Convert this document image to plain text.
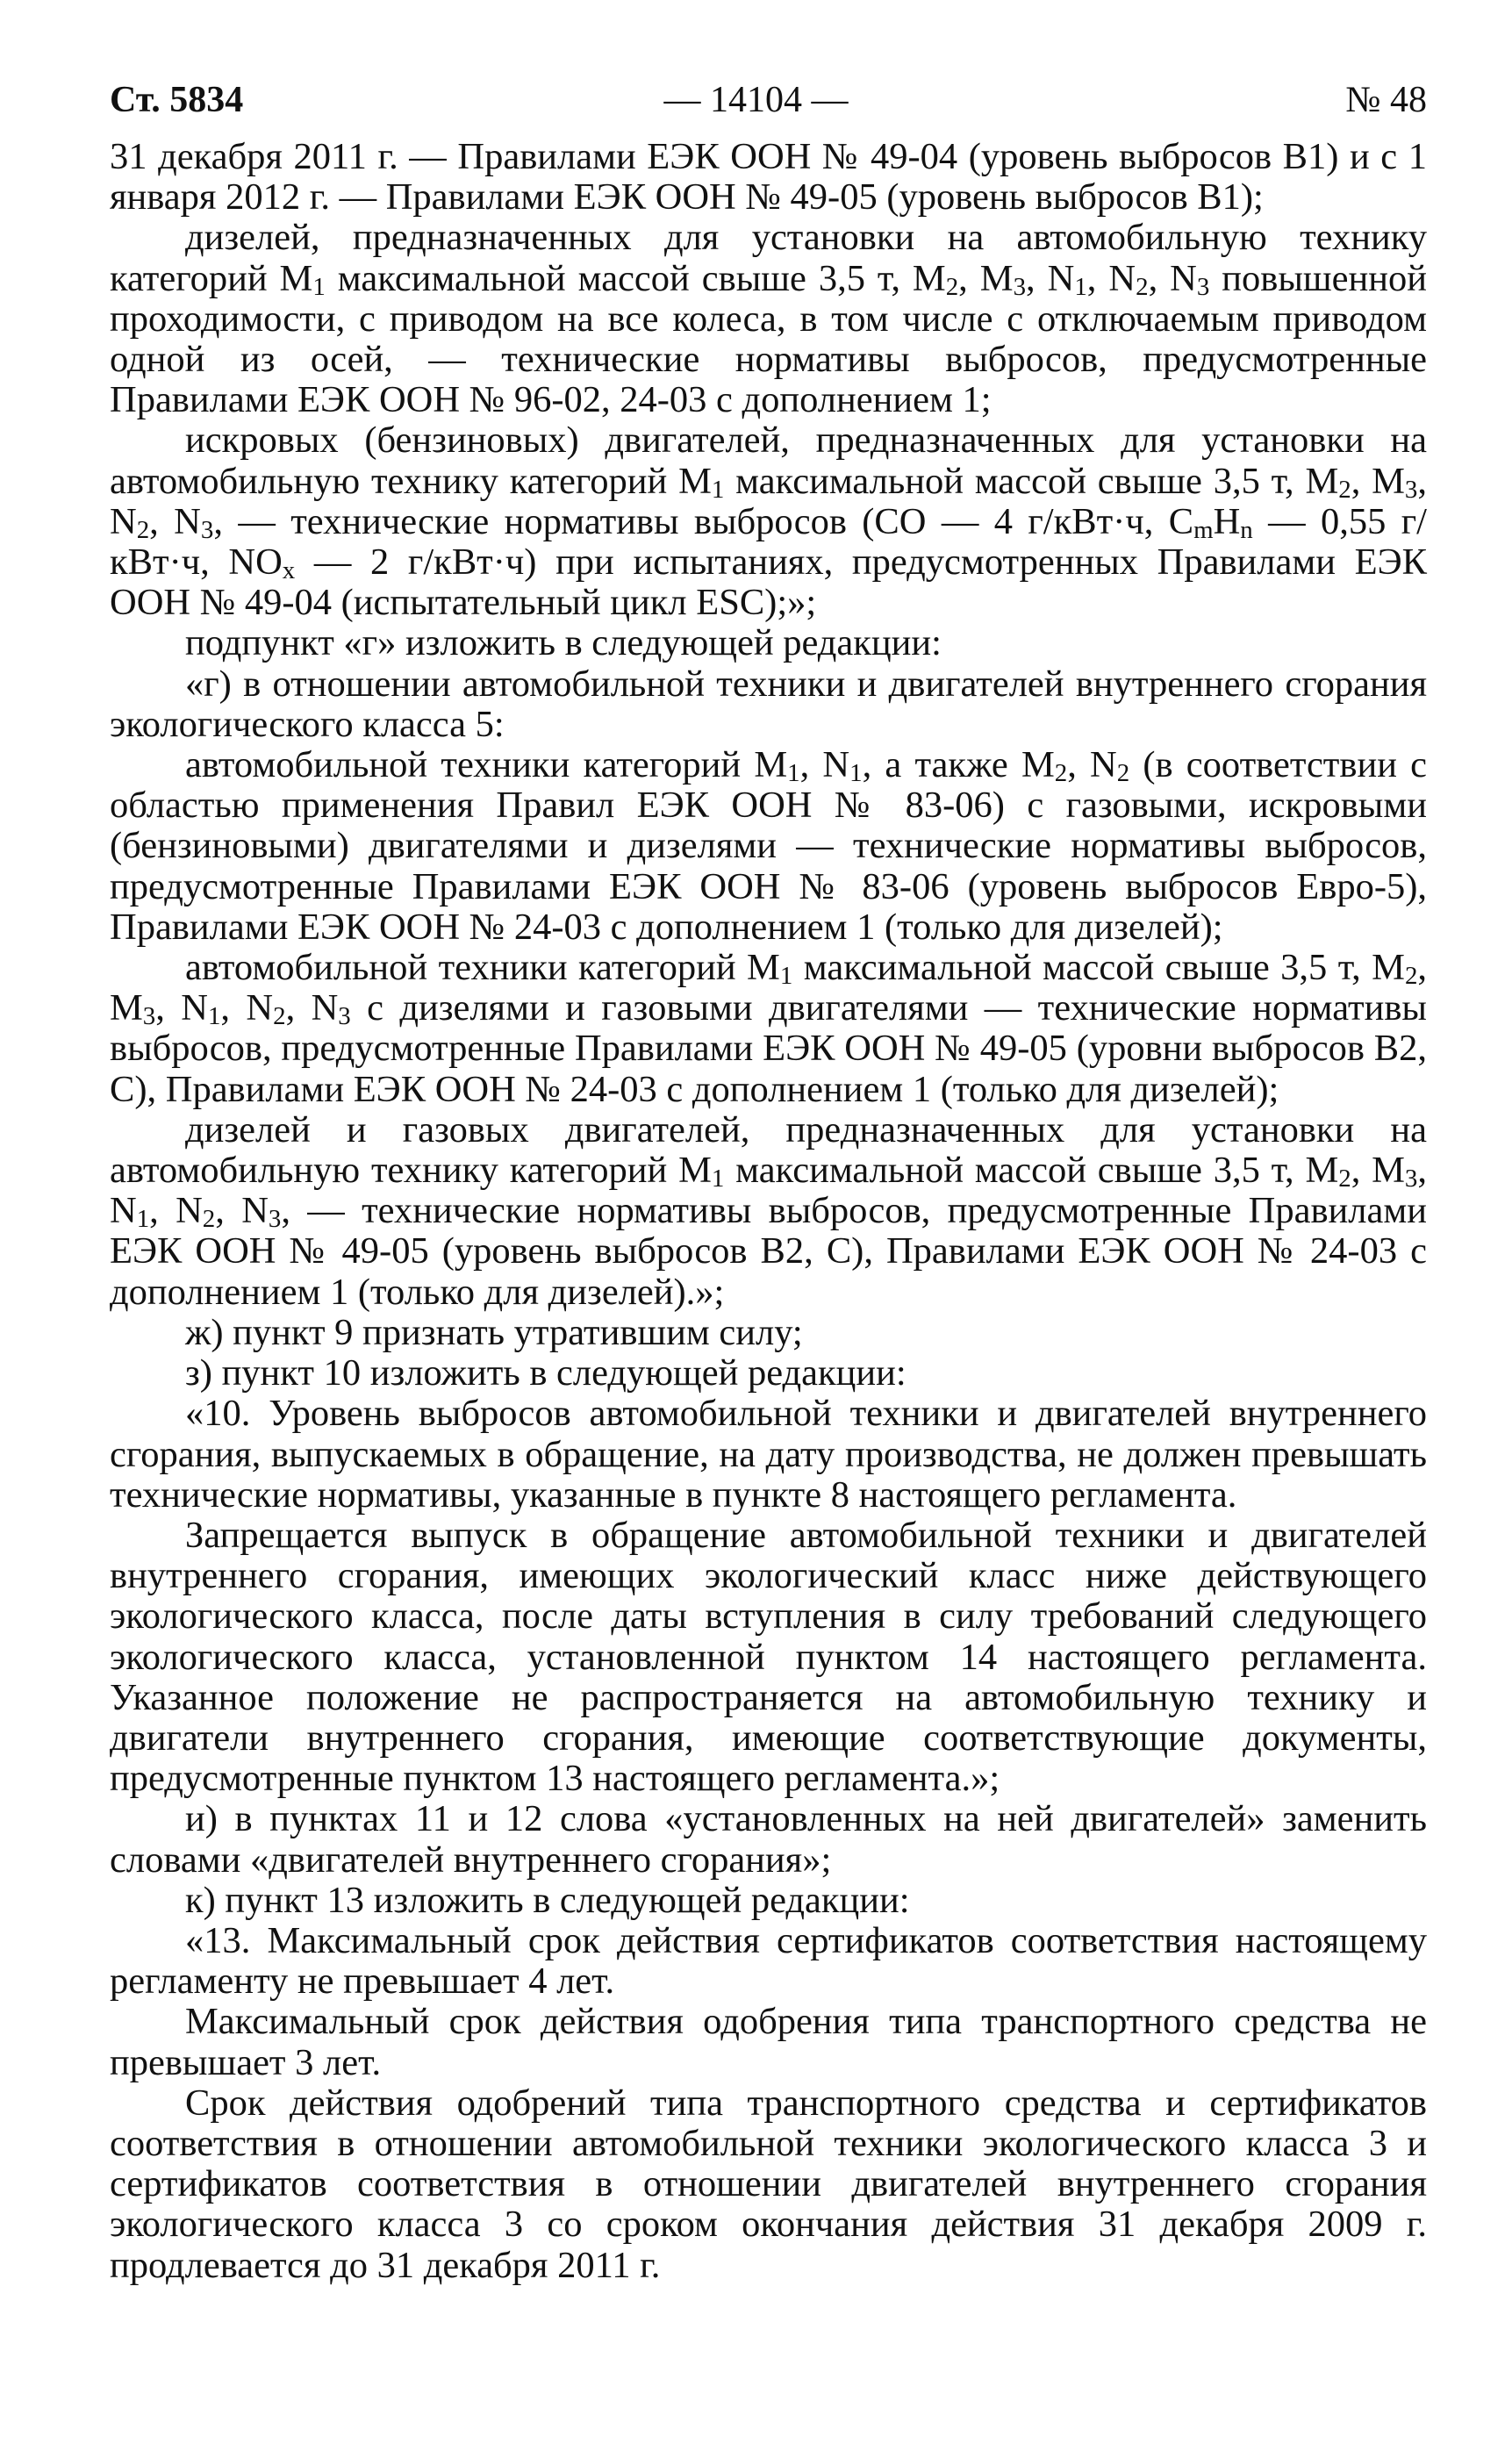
Ст. 5834	№ 48
— 14104 —

31 декабря 2011 г. — Правилами ЕЭК ООН № 49-04 (уровень выбросов B1) и с 1 января 2012 г. — Правилами ЕЭК ООН № 49-05 (уровень выбросов B1);

дизелей, предназначенных для установки на автомобильную технику категорий $M_1$ максимальной массой свыше 3,5 т, $M_2$, $M_3$, $N_1$, $N_2$, $N_3$ повышенной проходимости, с приводом на все колеса, в том числе с отключаемым приводом одной из осей, — технические нормативы выбросов, предусмотренные Правилами ЕЭК ООН № 96-02, 24-03 с дополнением 1;

искровых (бензиновых) двигателей, предназначенных для установки на автомобильную технику категорий $M_1$ максимальной массой свыше 3,5 т, $M_2$, $M_3$, $N_2$, $N_3$, — технические нормативы выбросов (CO — 4 г/кВт·ч, $C_mH_n$ — 0,55 г/кВт·ч, $NO_x$ — 2 г/кВт·ч) при испытаниях, предусмотренных Правилами ЕЭК ООН № 49-04 (испытательный цикл ESC);»;

подпункт «г» изложить в следующей редакции:

«г) в отношении автомобильной техники и двигателей внутреннего сгорания экологического класса 5:

автомобильной техники категорий $M_1$, $N_1$, а также $M_2$, $N_2$ (в соответствии с областью применения Правил ЕЭК ООН № 83-06) с газовыми, искровыми (бензиновыми) двигателями и дизелями — технические нормативы выбросов, предусмотренные Правилами ЕЭК ООН № 83-06 (уровень выбросов Евро-5), Правилами ЕЭК ООН № 24-03 с дополнением 1 (только для дизелей);

автомобильной техники категорий $M_1$ максимальной массой свыше 3,5 т, $M_2$, $M_3$, $N_1$, $N_2$, $N_3$ с дизелями и газовыми двигателями — технические нормативы выбросов, предусмотренные Правилами ЕЭК ООН № 49-05 (уровни выбросов B2, C), Правилами ЕЭК ООН № 24-03 с дополнением 1 (только для дизелей);

дизелей и газовых двигателей, предназначенных для установки на автомобильную технику категорий $M_1$ максимальной массой свыше 3,5 т, $M_2$, $M_3$, $N_1$, $N_2$, $N_3$, — технические нормативы выбросов, предусмотренные Правилами ЕЭК ООН № 49-05 (уровень выбросов B2, C), Правилами ЕЭК ООН № 24-03 с дополнением 1 (только для дизелей).»;

ж) пункт 9 признать утратившим силу;

з) пункт 10 изложить в следующей редакции:

«10. Уровень выбросов автомобильной техники и двигателей внутреннего сгорания, выпускаемых в обращение, на дату производства, не должен превышать технические нормативы, указанные в пункте 8 настоящего регламента.

Запрещается выпуск в обращение автомобильной техники и двигателей внутреннего сгорания, имеющих экологический класс ниже действующего экологического класса, после даты вступления в силу требований следующего экологического класса, установленной пунктом 14 настоящего регламента. Указанное положение не распространяется на автомобильную технику и двигатели внутреннего сгорания, имеющие соответствующие документы, предусмотренные пунктом 13 настоящего регламента.»;

и) в пунктах 11 и 12 слова «установленных на ней двигателей» заменить словами «двигателей внутреннего сгорания»;

к) пункт 13 изложить в следующей редакции:

«13. Максимальный срок действия сертификатов соответствия настоящему регламенту не превышает 4 лет.

Максимальный срок действия одобрения типа транспортного средства не превышает 3 лет.

Срок действия одобрений типа транспортного средства и сертификатов соответствия в отношении автомобильной техники экологического класса 3 и сертификатов соответствия в отношении двигателей внутреннего сгорания экологического класса 3 со сроком окончания действия 31 декабря 2009 г. продлевается до 31 декабря 2011 г.
